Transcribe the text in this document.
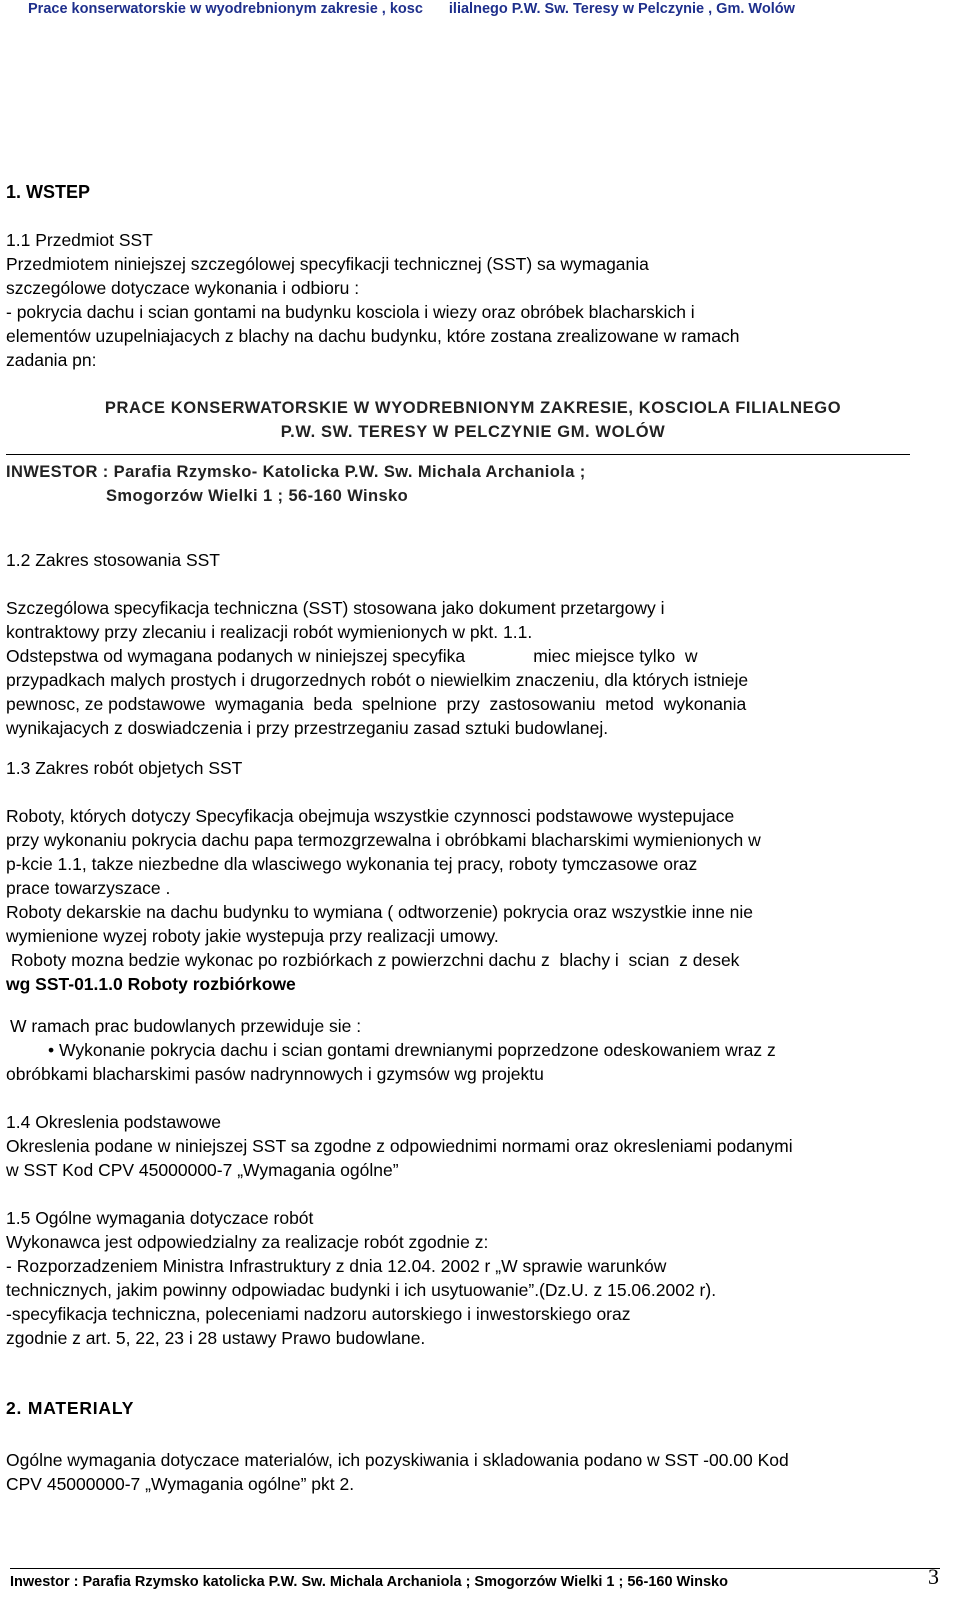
Prace konserwatorskie w wyodrebnionym zakresie , kosc ilialnego P.W. Sw. Teresy w Pelczynie , Gm. Wolów

1. WSTEP

1.1 Przedmiot SST

Przedmiotem niniejszej szczególowej specyfikacji technicznej (SST) sa wymagania

szczególowe dotyczace wykonania i odbioru :

- pokrycia dachu i scian gontami na budynku kosciola i wiezy oraz obróbek blacharskich i

elementów uzupelniajacych z blachy na dachu budynku, które zostana zrealizowane w ramach

zadania pn:

PRACE KONSERWATORSKIE W WYODREBNIONYM ZAKRESIE, KOSCIOLA FILIALNEGO

P.W. SW. TERESY W PELCZYNIE GM. WOLÓW

INWESTOR : Parafia Rzymsko- Katolicka P.W. Sw. Michala Archaniola ;

Smogorzów Wielki 1 ; 56-160 Winsko

1.2 Zakres stosowania SST

Szczególowa specyfikacja techniczna (SST) stosowana jako dokument przetargowy i

kontraktowy przy zlecaniu i realizacji robót wymienionych w pkt. 1.1.

Odstepstwa od wymagana podanych w niniejszej specyfika              miec miejsce tylko  w

przypadkach malych prostych i drugorzednych robót o niewielkim znaczeniu, dla których istnieje

pewnosc, ze podstawowe  wymagania  beda  spelnione  przy  zastosowaniu  metod  wykonania

wynikajacych z doswiadczenia i przy przestrzeganiu zasad sztuki budowlanej.

1.3 Zakres robót objetych SST

Roboty, których dotyczy Specyfikacja obejmuja wszystkie czynnosci podstawowe wystepujace

przy wykonaniu pokrycia dachu papa termozgrzewalna i obróbkami blacharskimi wymienionych w

p-kcie 1.1, takze niezbedne dla wlasciwego wykonania tej pracy, roboty tymczasowe oraz

prace towarzyszace .

Roboty dekarskie na dachu budynku to wymiana ( odtworzenie) pokrycia oraz wszystkie inne nie

wymienione wyzej roboty jakie wystepuja przy realizacji umowy.

Roboty mozna bedzie wykonac po rozbiórkach z powierzchni dachu z  blachy i  scian  z desek

wg SST-01.1.0 Roboty rozbiórkowe

W ramach prac budowlanych przewiduje sie :

• Wykonanie pokrycia dachu i scian gontami drewnianymi poprzedzone odeskowaniem wraz z

obróbkami blacharskimi pasów nadrynnowych i gzymsów wg projektu

1.4 Okreslenia podstawowe

Okreslenia podane w niniejszej SST sa zgodne z odpowiednimi normami oraz okresleniami podanymi

w SST Kod CPV 45000000-7 „Wymagania ogólne”

1.5 Ogólne wymagania dotyczace robót

Wykonawca jest odpowiedzialny za realizacje robót zgodnie z:

- Rozporzadzeniem Ministra Infrastruktury z dnia 12.04. 2002 r „W sprawie warunków

technicznych, jakim powinny odpowiadac budynki i ich usytuowanie”.(Dz.U. z 15.06.2002 r).

-specyfikacja techniczna, poleceniami nadzoru autorskiego i inwestorskiego oraz

zgodnie z art. 5, 22, 23 i 28 ustawy Prawo budowlane.

2. MATERIALY

Ogólne wymagania dotyczace materialów, ich pozyskiwania i skladowania podano w SST -00.00 Kod

CPV 45000000-7 „Wymagania ogólne” pkt 2.

Inwestor : Parafia Rzymsko katolicka P.W. Sw. Michala Archaniola ; Smogorzów Wielki 1 ; 56-160 Winsko	3
